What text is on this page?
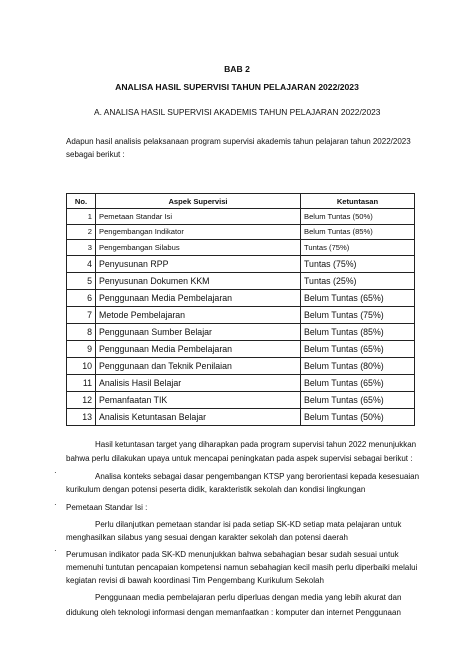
BAB 2
ANALISA HASIL SUPERVISI TAHUN PELAJARAN 2022/2023
A. ANALISA HASIL SUPERVISI AKADEMIS TAHUN PELAJARAN 2022/2023
Adapun hasil analisis pelaksanaan program supervisi akademis tahun pelajaran tahun 2022/2023
sebagai berikut :
No.	Aspek Supervisi	Ketuntasan
1	Pemetaan Standar Isi	Belum Tuntas (50%)
2	Pengembangan Indikator	Belum Tuntas (85%)
3	Pengembangan Silabus	Tuntas (75%)
4	Penyusunan RPP	Tuntas (75%)
5	Penyusunan Dokumen KKM	Tuntas (25%)
6	Penggunaan Media Pembelajaran	Belum Tuntas (65%)
7	Metode Pembelajaran	Belum Tuntas (75%)
8	Penggunaan Sumber Belajar	Belum Tuntas (85%)
9	Penggunaan Media Pembelajaran	Belum Tuntas (65%)
10	Penggunaan dan Teknik Penilaian	Belum Tuntas (80%)
11	Analisis Hasil Belajar	Belum Tuntas (65%)
12	Pemanfaatan TIK	Belum Tuntas (65%)
13	Analisis Ketuntasan Belajar	Belum Tuntas (50%)
Hasil ketuntasan target yang diharapkan pada program supervisi tahun 2022 menunjukkan
bahwa perlu dilakukan upaya untuk mencapai peningkatan pada aspek supervisi sebagai berikut :
·	Analisa konteks sebagai dasar pengembangan KTSP yang berorientasi kepada kesesuaian
kurikulum dengan potensi peserta didik, karakteristik sekolah dan kondisi lingkungan
· Pemetaan Standar Isi :
Perlu dilanjutkan pemetaan standar isi pada setiap SK-KD setiap mata pelajaran untuk
menghasilkan silabus yang sesuai dengan karakter sekolah dan potensi daerah
· Perumusan indikator pada SK-KD menunjukkan bahwa sebahagian besar sudah sesuai untuk
memenuhi tuntutan pencapaian kompetensi namun sebahagian kecil masih perlu diperbaiki melalui
kegiatan revisi di bawah koordinasi Tim Pengembang Kurikulum Sekolah
Penggunaan media pembelajaran perlu diperluas dengan media yang lebih akurat dan
didukung oleh teknologi informasi dengan memanfaatkan : komputer dan internet Penggunaan
